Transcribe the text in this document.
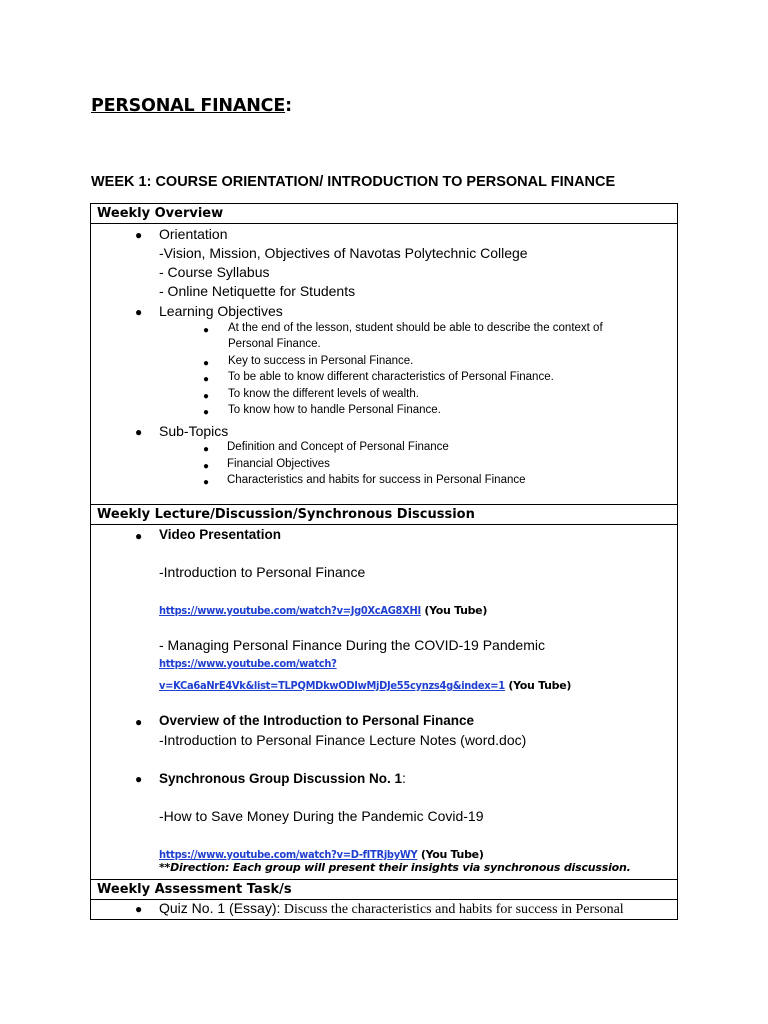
PERSONAL FINANCE:
WEEK 1: COURSE ORIENTATION/ INTRODUCTION TO PERSONAL FINANCE
Weekly Overview

● Orientation
-Vision, Mission, Objectives of Navotas Polytechnic College
- Course Syllabus
- Online Netiquette for Students
● Learning Objectives
● At the end of the lesson, student should be able to describe the context of
Personal Finance.
● Key to success in Personal Finance.
● To be able to know different characteristics of Personal Finance.
● To know the different levels of wealth.
● To know how to handle Personal Finance.
● Sub-Topics
● Definition and Concept of Personal Finance
● Financial Objectives
● Characteristics and habits for success in Personal Finance

Weekly Lecture/Discussion/Synchronous Discussion

● Video Presentation
-Introduction to Personal Finance
https://www.youtube.com/watch?v=Jg0XcAG8XHI (You Tube)
- Managing Personal Finance During the COVID-19 Pandemic
https://www.youtube.com/watch?
v=KCa6aNrE4Vk&list=TLPQMDkwODIwMjDJe55cynzs4g&index=1 (You Tube)
● Overview of the Introduction to Personal Finance
-Introduction to Personal Finance Lecture Notes (word.doc)
● Synchronous Group Discussion No. 1:
-How to Save Money During the Pandemic Covid-19
https://www.youtube.com/watch?v=D-fITRjbyWY (You Tube)
**Direction: Each group will present their insights via synchronous discussion.

Weekly Assessment Task/s

● Quiz No. 1 (Essay): Discuss the characteristics and habits for success in Personal
